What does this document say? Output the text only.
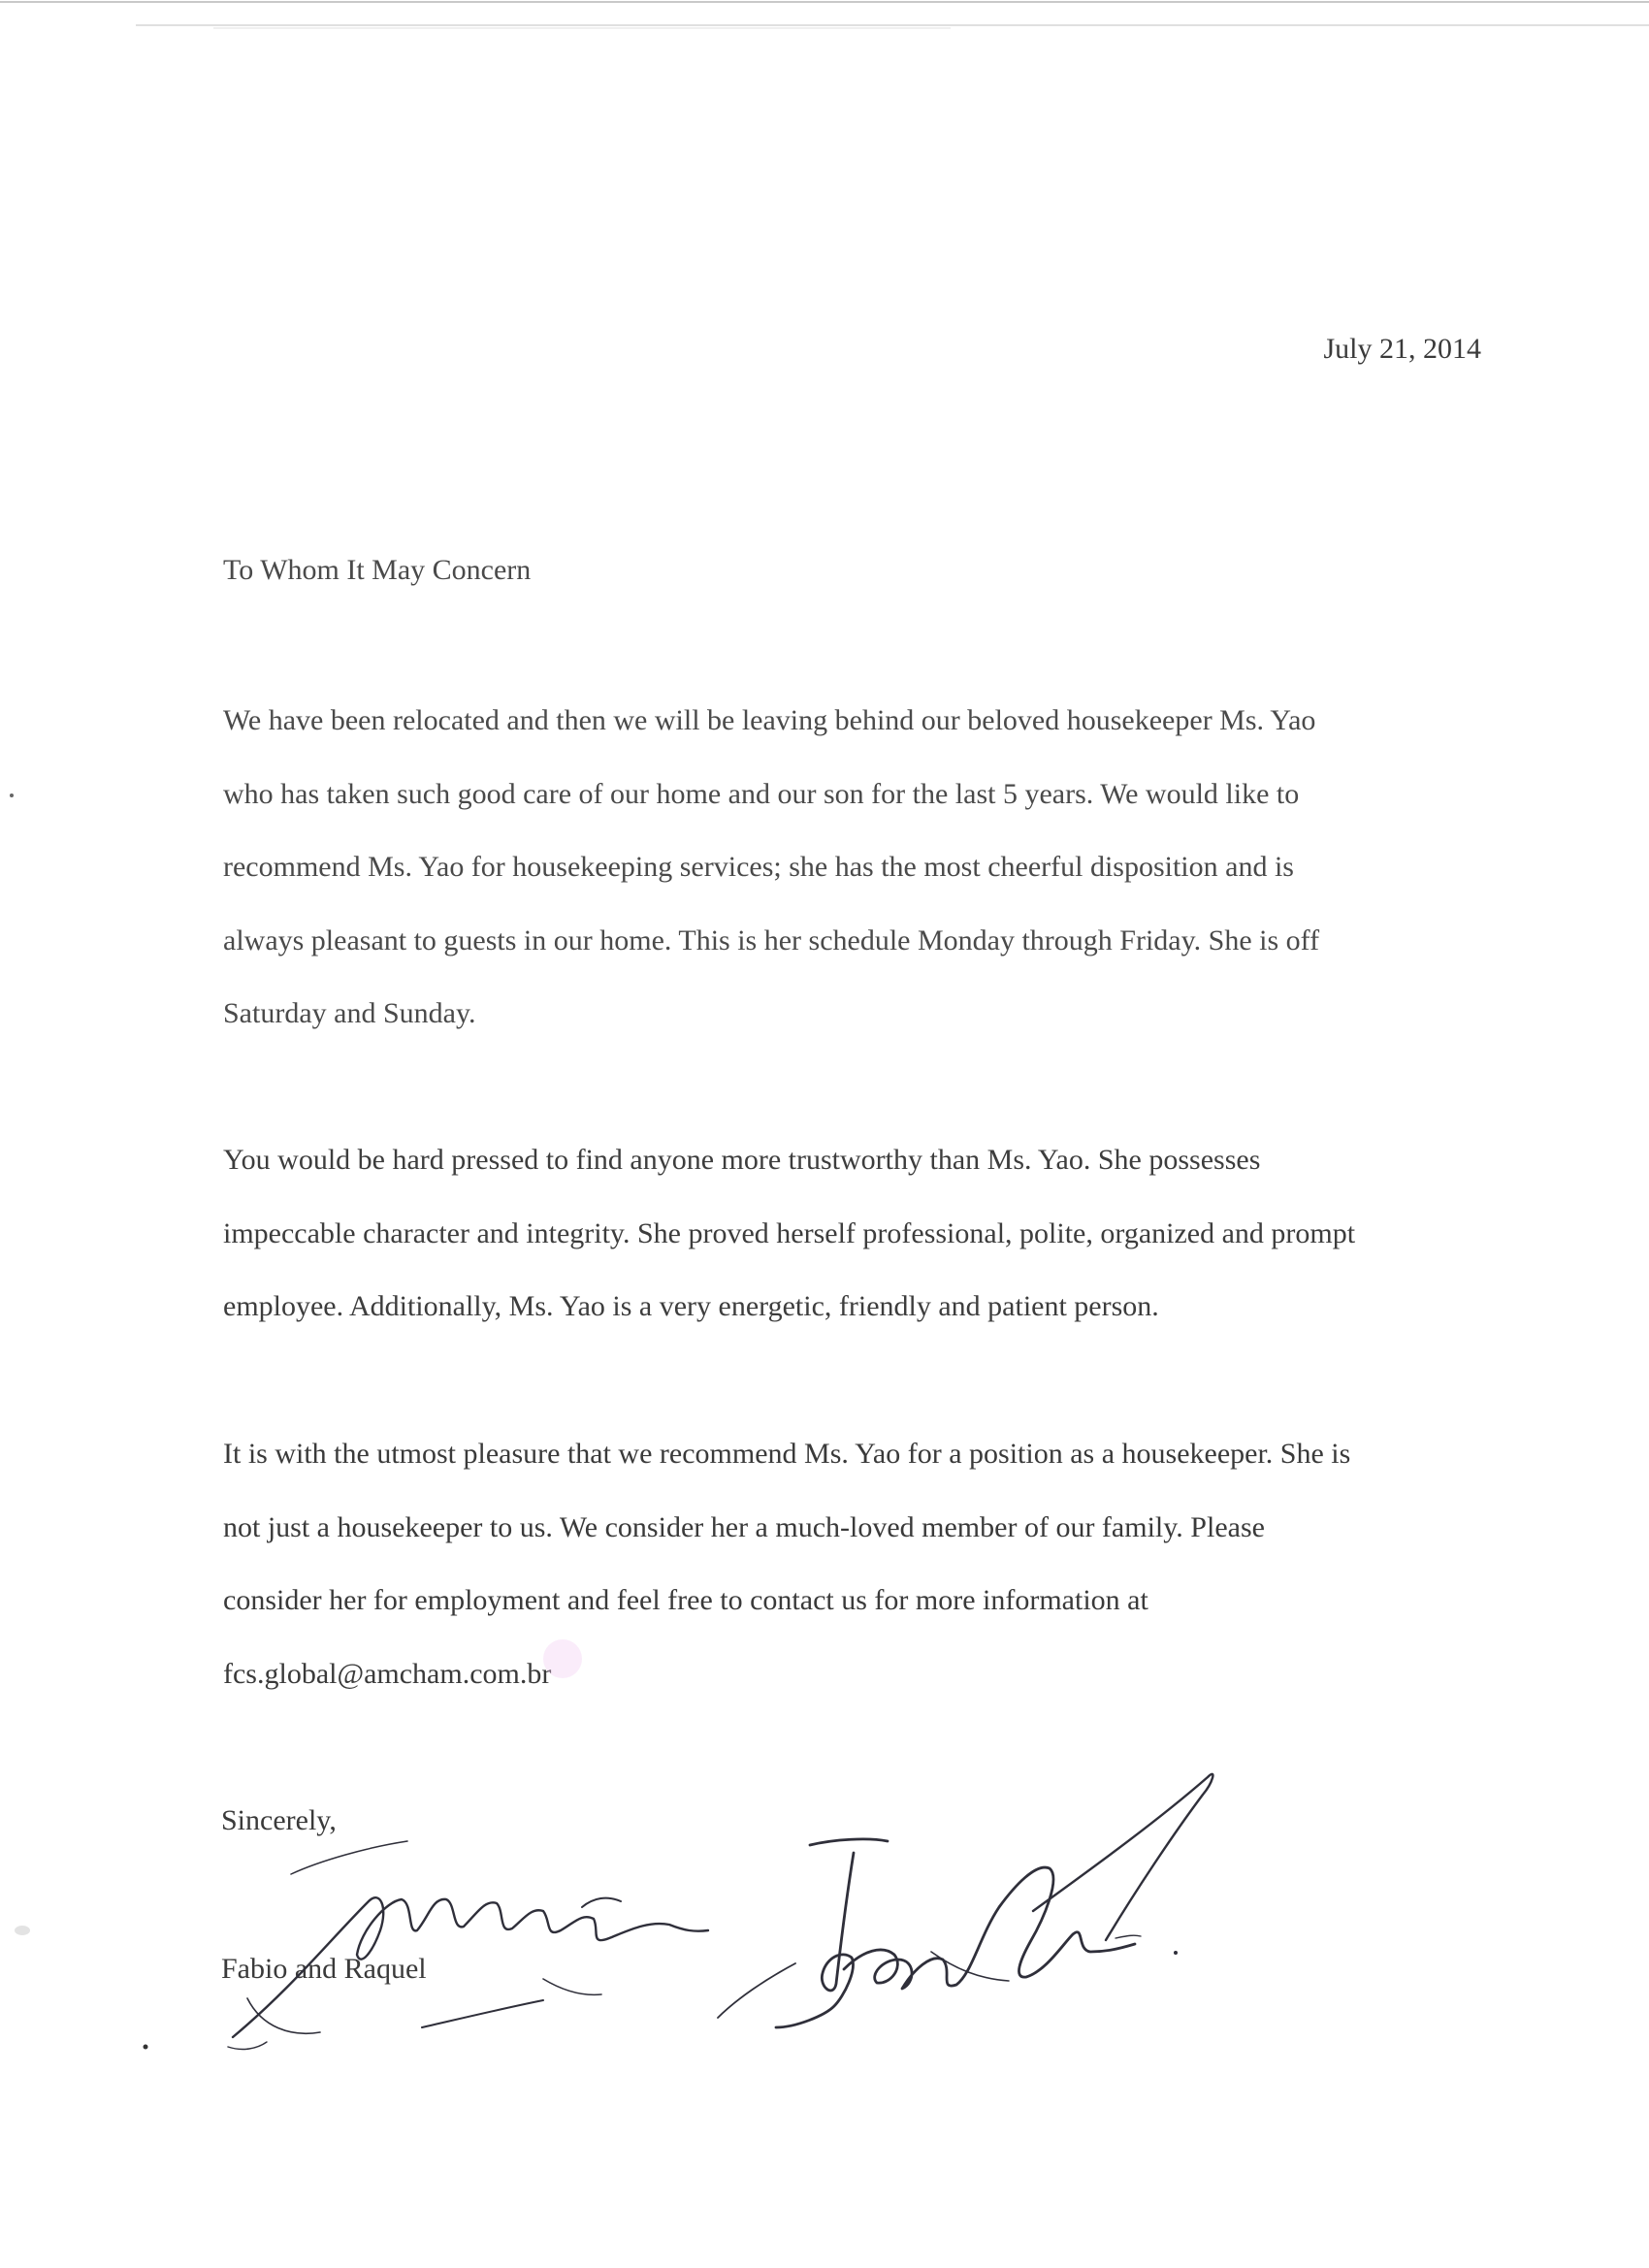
July 21, 2014
To Whom It May Concern
We have been relocated and then we will be leaving behind our beloved housekeeper Ms. Yao
who has taken such good care of our home and our son for the last 5 years. We would like to
recommend Ms. Yao for housekeeping services; she has the most cheerful disposition and is
always pleasant to guests in our home. This is her schedule Monday through Friday. She is off
Saturday and Sunday.
You would be hard pressed to find anyone more trustworthy than Ms. Yao. She possesses
impeccable character and integrity. She proved herself professional, polite, organized and prompt
employee. Additionally, Ms. Yao is a very energetic, friendly and patient person.
It is with the utmost pleasure that we recommend Ms. Yao for a position as a housekeeper. She is
not just a housekeeper to us. We consider her a much-loved member of our family. Please
consider her for employment and feel free to contact us for more information at
fcs.global@amcham.com.br
Sincerely,
Fabio and Raquel
